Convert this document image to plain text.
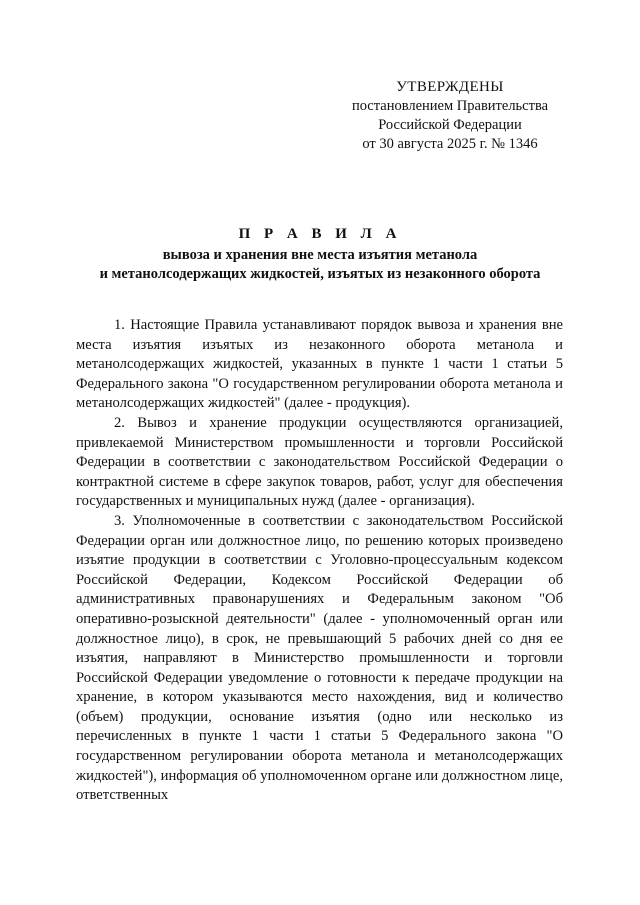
УТВЕРЖДЕНЫ
постановлением Правительства
Российской Федерации
от 30 августа 2025 г. № 1346
П Р А В И Л А
вывоза и хранения вне места изъятия метанола
и метанолсодержащих жидкостей, изъятых из незаконного оборота

1. Настоящие Правила устанавливают порядок вывоза и хранения вне места изъятия изъятых из незаконного оборота метанола и метанолсодержащих жидкостей, указанных в пункте 1 части 1 статьи 5 Федерального закона "О государственном регулировании оборота метанола и метанолсодержащих жидкостей" (далее - продукция).

2. Вывоз и хранение продукции осуществляются организацией, привлекаемой Министерством промышленности и торговли Российской Федерации в соответствии с законодательством Российской Федерации о контрактной системе в сфере закупок товаров, работ, услуг для обеспечения государственных и муниципальных нужд (далее - организация).

3. Уполномоченные в соответствии с законодательством Российской Федерации орган или должностное лицо, по решению которых произведено изъятие продукции в соответствии с Уголовно-процессуальным кодексом Российской Федерации, Кодексом Российской Федерации об административных правонарушениях и Федеральным законом "Об оперативно-розыскной деятельности" (далее - уполномоченный орган или должностное лицо), в срок, не превышающий 5 рабочих дней со дня ее изъятия, направляют в Министерство промышленности и торговли Российской Федерации уведомление о готовности к передаче продукции на хранение, в котором указываются место нахождения, вид и количество (объем) продукции, основание изъятия (одно или несколько из перечисленных в пункте 1 части 1 статьи 5 Федерального закона "О государственном регулировании оборота метанола и метанолсодержащих жидкостей"), информация об уполномоченном органе или должностном лице, ответственных
